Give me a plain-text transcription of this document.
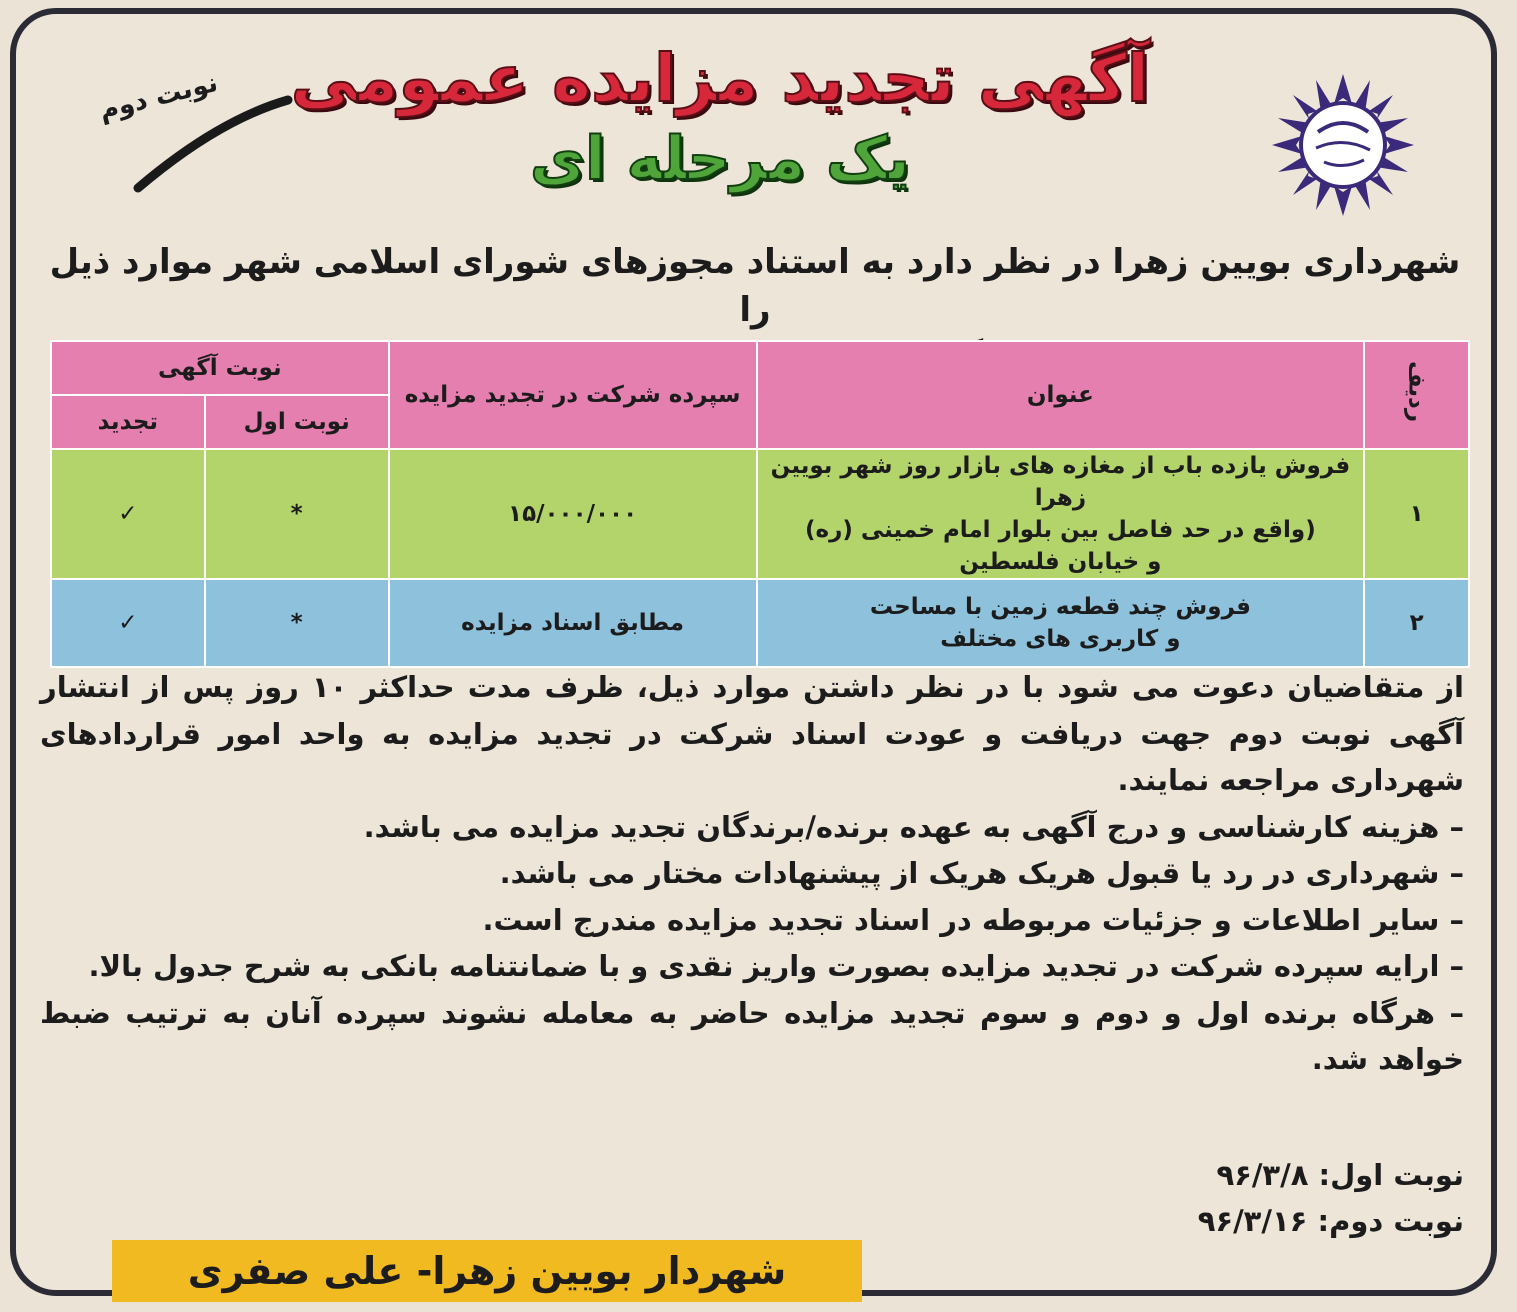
نوبت دوم	آگهی تجدید مزایده عمومی
یک مرحله ای

شهرداری بویین زهرا در نظر دارد به استناد مجوزهای شورای اسلامی شهر موارد ذیل را

ردیف	عنوان	سپرده شرکت در تجدید مزایده	نوبت آگهی	
			نوبت اول	تجدید
۱	فروش یازده باب از مغازه های بازار روز شهر بویین زهرا
(واقع در حد فاصل بین بلوار امام خمینی (ره)
و خیابان فلسطین	۱۵/۰۰۰/۰۰۰	*	✓
۲	فروش چند قطعه زمین با مساحت
و کاربری های مختلف	مطابق اسناد مزایده	*	✓

از متقاضیان دعوت می شود با در نظر داشتن موارد ذیل، ظرف مدت حداکثر ۱۰ روز پس از انتشار آگهی نوبت دوم جهت دریافت و عودت اسناد شرکت در تجدید مزایده به واحد امور قراردادهای شهرداری مراجعه نمایند.

– هزینه کارشناسی و درج آگهی به عهده برنده/برندگان تجدید مزایده می باشد.

– شهرداری در رد یا قبول هریک هریک از پیشنهادات مختار می باشد.

– سایر اطلاعات و جزئیات مربوطه در اسناد تجدید مزایده مندرج است.

– ارایه سپرده شرکت در تجدید مزایده بصورت واریز نقدی و با ضمانتنامه بانکی به شرح جدول بالا.

– هرگاه برنده اول و دوم و سوم تجدید مزایده حاضر به معامله نشوند سپرده آنان به ترتیب ضبط خواهد شد.

نوبت اول: ۹۶/۳/۸
نوبت دوم: ۹۶/۳/۱۶
شهردار بویین زهرا- علی صفری
